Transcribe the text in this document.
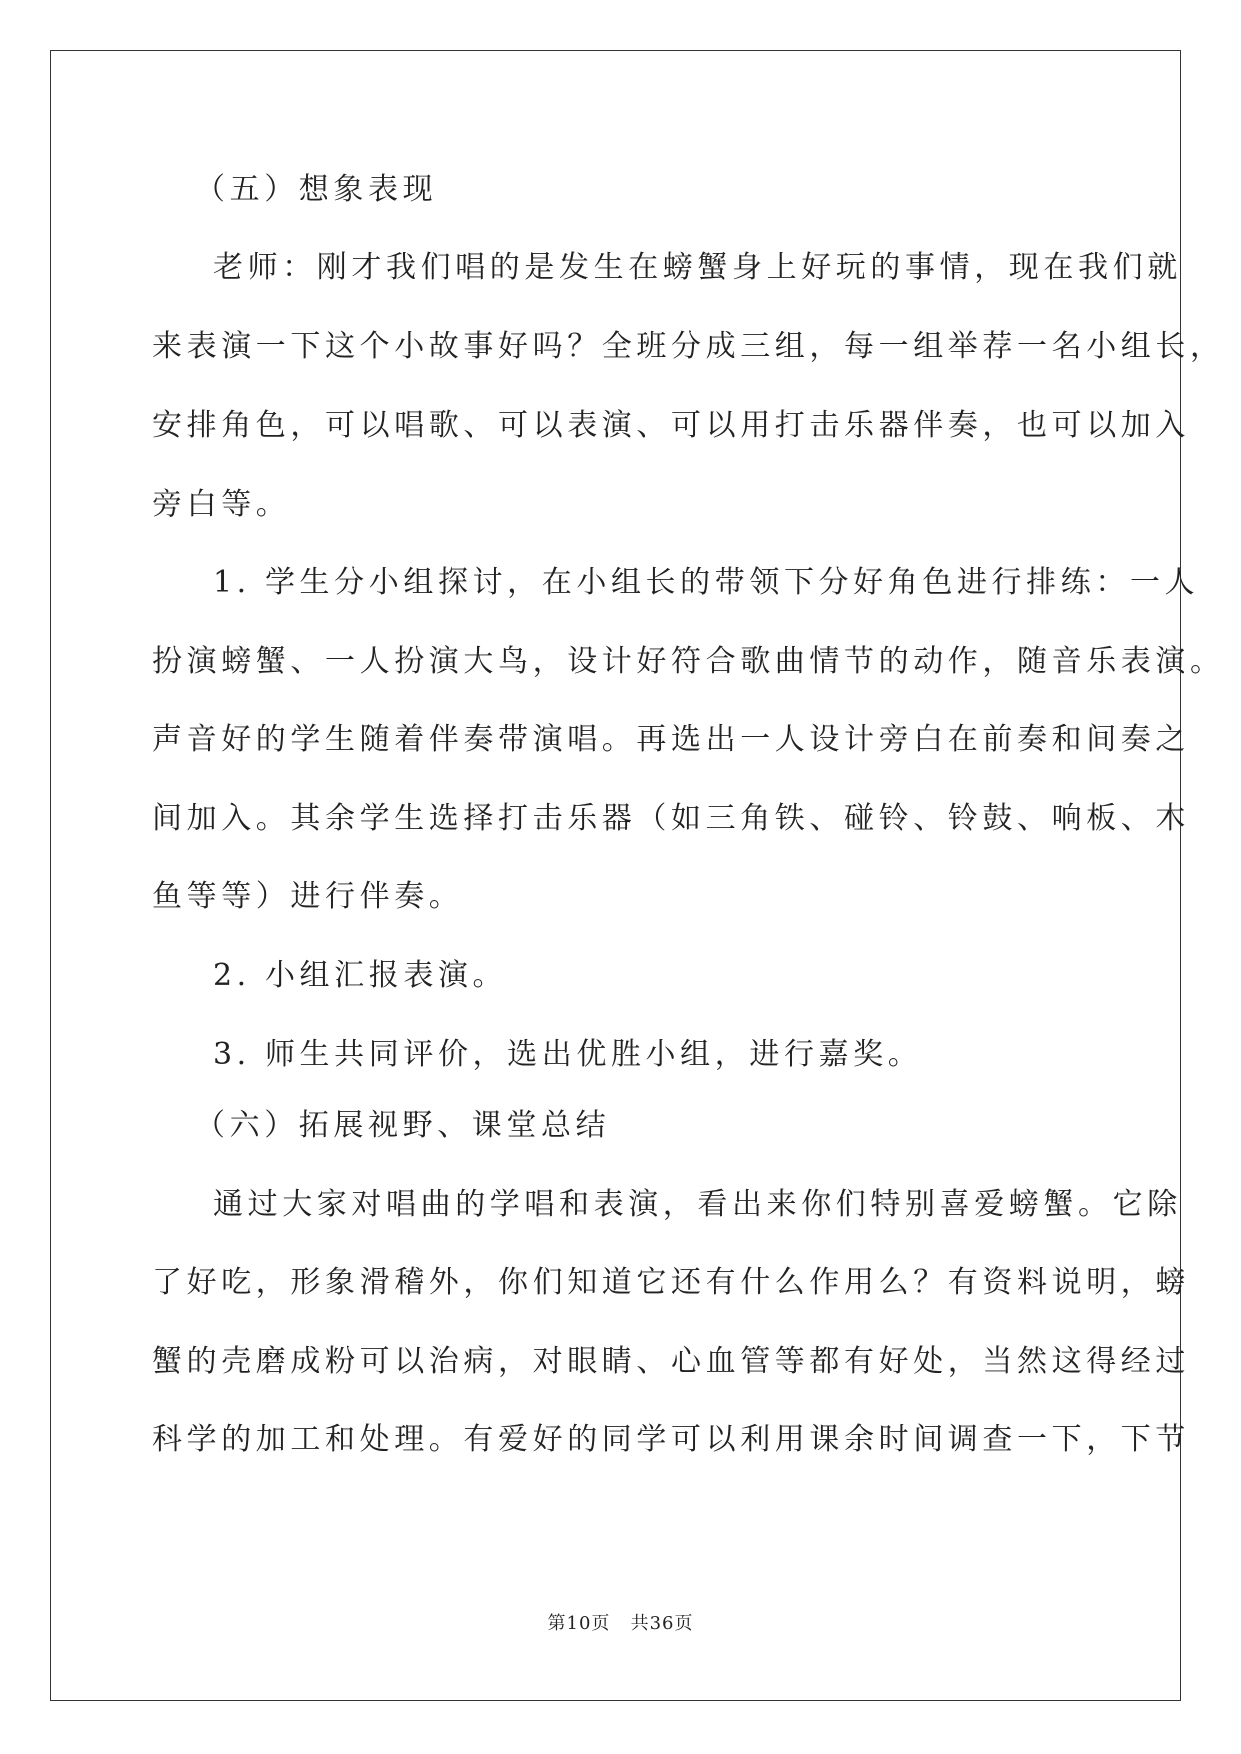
（五）想象表现
老师：刚才我们唱的是发生在螃蟹身上好玩的事情，现在我们就
来表演一下这个小故事好吗？全班分成三组，每一组举荐一名小组长，
安排角色，可以唱歌、可以表演、可以用打击乐器伴奏，也可以加入
旁白等。
1. 学生分小组探讨，在小组长的带领下分好角色进行排练：一人
扮演螃蟹、一人扮演大鸟，设计好符合歌曲情节的动作，随音乐表演。
声音好的学生随着伴奏带演唱。再选出一人设计旁白在前奏和间奏之
间加入。其余学生选择打击乐器（如三角铁、碰铃、铃鼓、响板、木
鱼等等）进行伴奏。
2. 小组汇报表演。
3. 师生共同评价，选出优胜小组，进行嘉奖。
（六）拓展视野、课堂总结
通过大家对唱曲的学唱和表演，看出来你们特别喜爱螃蟹。它除
了好吃，形象滑稽外，你们知道它还有什么作用么？有资料说明，螃
蟹的壳磨成粉可以治病，对眼睛、心血管等都有好处，当然这得经过
科学的加工和处理。有爱好的同学可以利用课余时间调查一下，下节
第10页 共36页
